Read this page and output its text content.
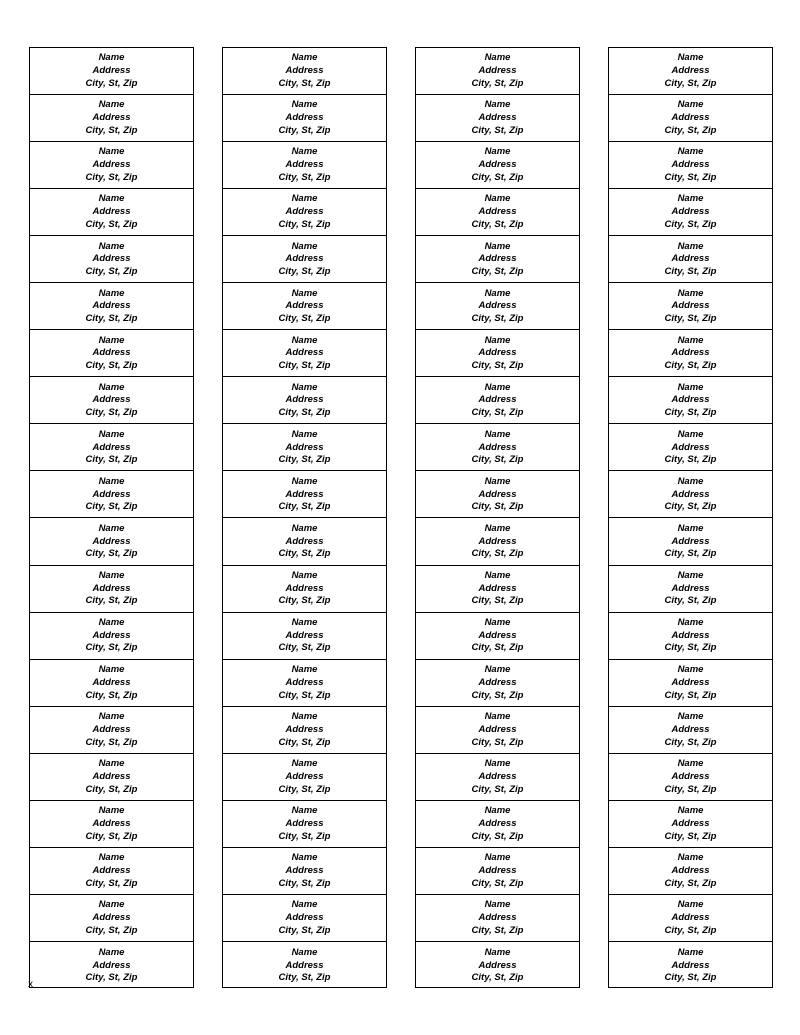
Name
Address
City, St, Zip
Name
Address
City, St, Zip
Name
Address
City, St, Zip
Name
Address
City, St, Zip
Name
Address
City, St, Zip
Name
Address
City, St, Zip
Name
Address
City, St, Zip
Name
Address
City, St, Zip
Name
Address
City, St, Zip
Name
Address
City, St, Zip
Name
Address
City, St, Zip
Name
Address
City, St, Zip
Name
Address
City, St, Zip
Name
Address
City, St, Zip
Name
Address
City, St, Zip
Name
Address
City, St, Zip
Name
Address
City, St, Zip
Name
Address
City, St, Zip
Name
Address
City, St, Zip
Name
Address
City, St, Zip
Name
Address
City, St, Zip
Name
Address
City, St, Zip
Name
Address
City, St, Zip
Name
Address
City, St, Zip
Name
Address
City, St, Zip
Name
Address
City, St, Zip
Name
Address
City, St, Zip
Name
Address
City, St, Zip
Name
Address
City, St, Zip
Name
Address
City, St, Zip
Name
Address
City, St, Zip
Name
Address
City, St, Zip
Name
Address
City, St, Zip
Name
Address
City, St, Zip
Name
Address
City, St, Zip
Name
Address
City, St, Zip
Name
Address
City, St, Zip
Name
Address
City, St, Zip
Name
Address
City, St, Zip
Name
Address
City, St, Zip
Name
Address
City, St, Zip
Name
Address
City, St, Zip
Name
Address
City, St, Zip
Name
Address
City, St, Zip
Name
Address
City, St, Zip
Name
Address
City, St, Zip
Name
Address
City, St, Zip
Name
Address
City, St, Zip
Name
Address
City, St, Zip
Name
Address
City, St, Zip
Name
Address
City, St, Zip
Name
Address
City, St, Zip
Name
Address
City, St, Zip
Name
Address
City, St, Zip
Name
Address
City, St, Zip
Name
Address
City, St, Zip
Name
Address
City, St, Zip
Name
Address
City, St, Zip
Name
Address
City, St, Zip
Name
Address
City, St, Zip
Name
Address
City, St, Zip
Name
Address
City, St, Zip
Name
Address
City, St, Zip
Name
Address
City, St, Zip
Name
Address
City, St, Zip
Name
Address
City, St, Zip
Name
Address
City, St, Zip
Name
Address
City, St, Zip
Name
Address
City, St, Zip
Name
Address
City, St, Zip
Name
Address
City, St, Zip
Name
Address
City, St, Zip
Name
Address
City, St, Zip
Name
Address
City, St, Zip
Name
Address
City, St, Zip
Name
Address
City, St, Zip
Name
Address
City, St, Zip
Name
Address
City, St, Zip
Name
Address
City, St, Zip
Name
Address
City, St, Zip
x
